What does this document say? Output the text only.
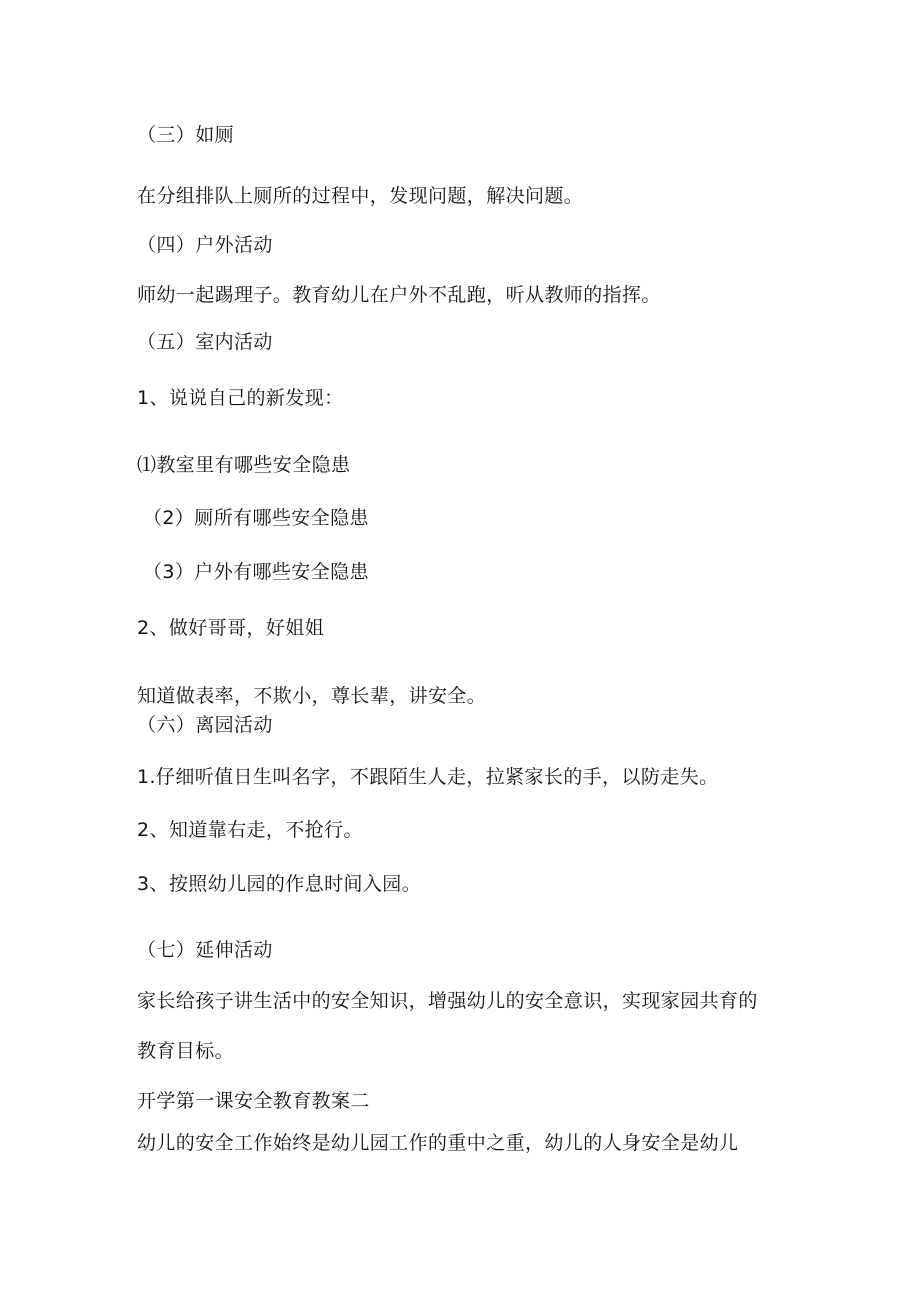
（三）如厕
在分组排队上厕所的过程中，发现问题，解决问题。
（四）户外活动
师幼一起踢理子。教育幼儿在户外不乱跑，听从教师的指挥。
（五）室内活动
1、说说自己的新发现：
⑴教室里有哪些安全隐患
（2）厕所有哪些安全隐患
（3）户外有哪些安全隐患
2、做好哥哥，好姐姐
知道做表率，不欺小，尊长辈，讲安全。
（六）离园活动
1.仔细听值日生叫名字，不跟陌生人走，拉紧家长的手，以防走失。
2、知道靠右走，不抢行。
3、按照幼儿园的作息时间入园。
（七）延伸活动
家长给孩子讲生活中的安全知识，增强幼儿的安全意识，实现家园共育的
教育目标。
开学第一课安全教育教案二
幼儿的安全工作始终是幼儿园工作的重中之重，幼儿的人身安全是幼儿
